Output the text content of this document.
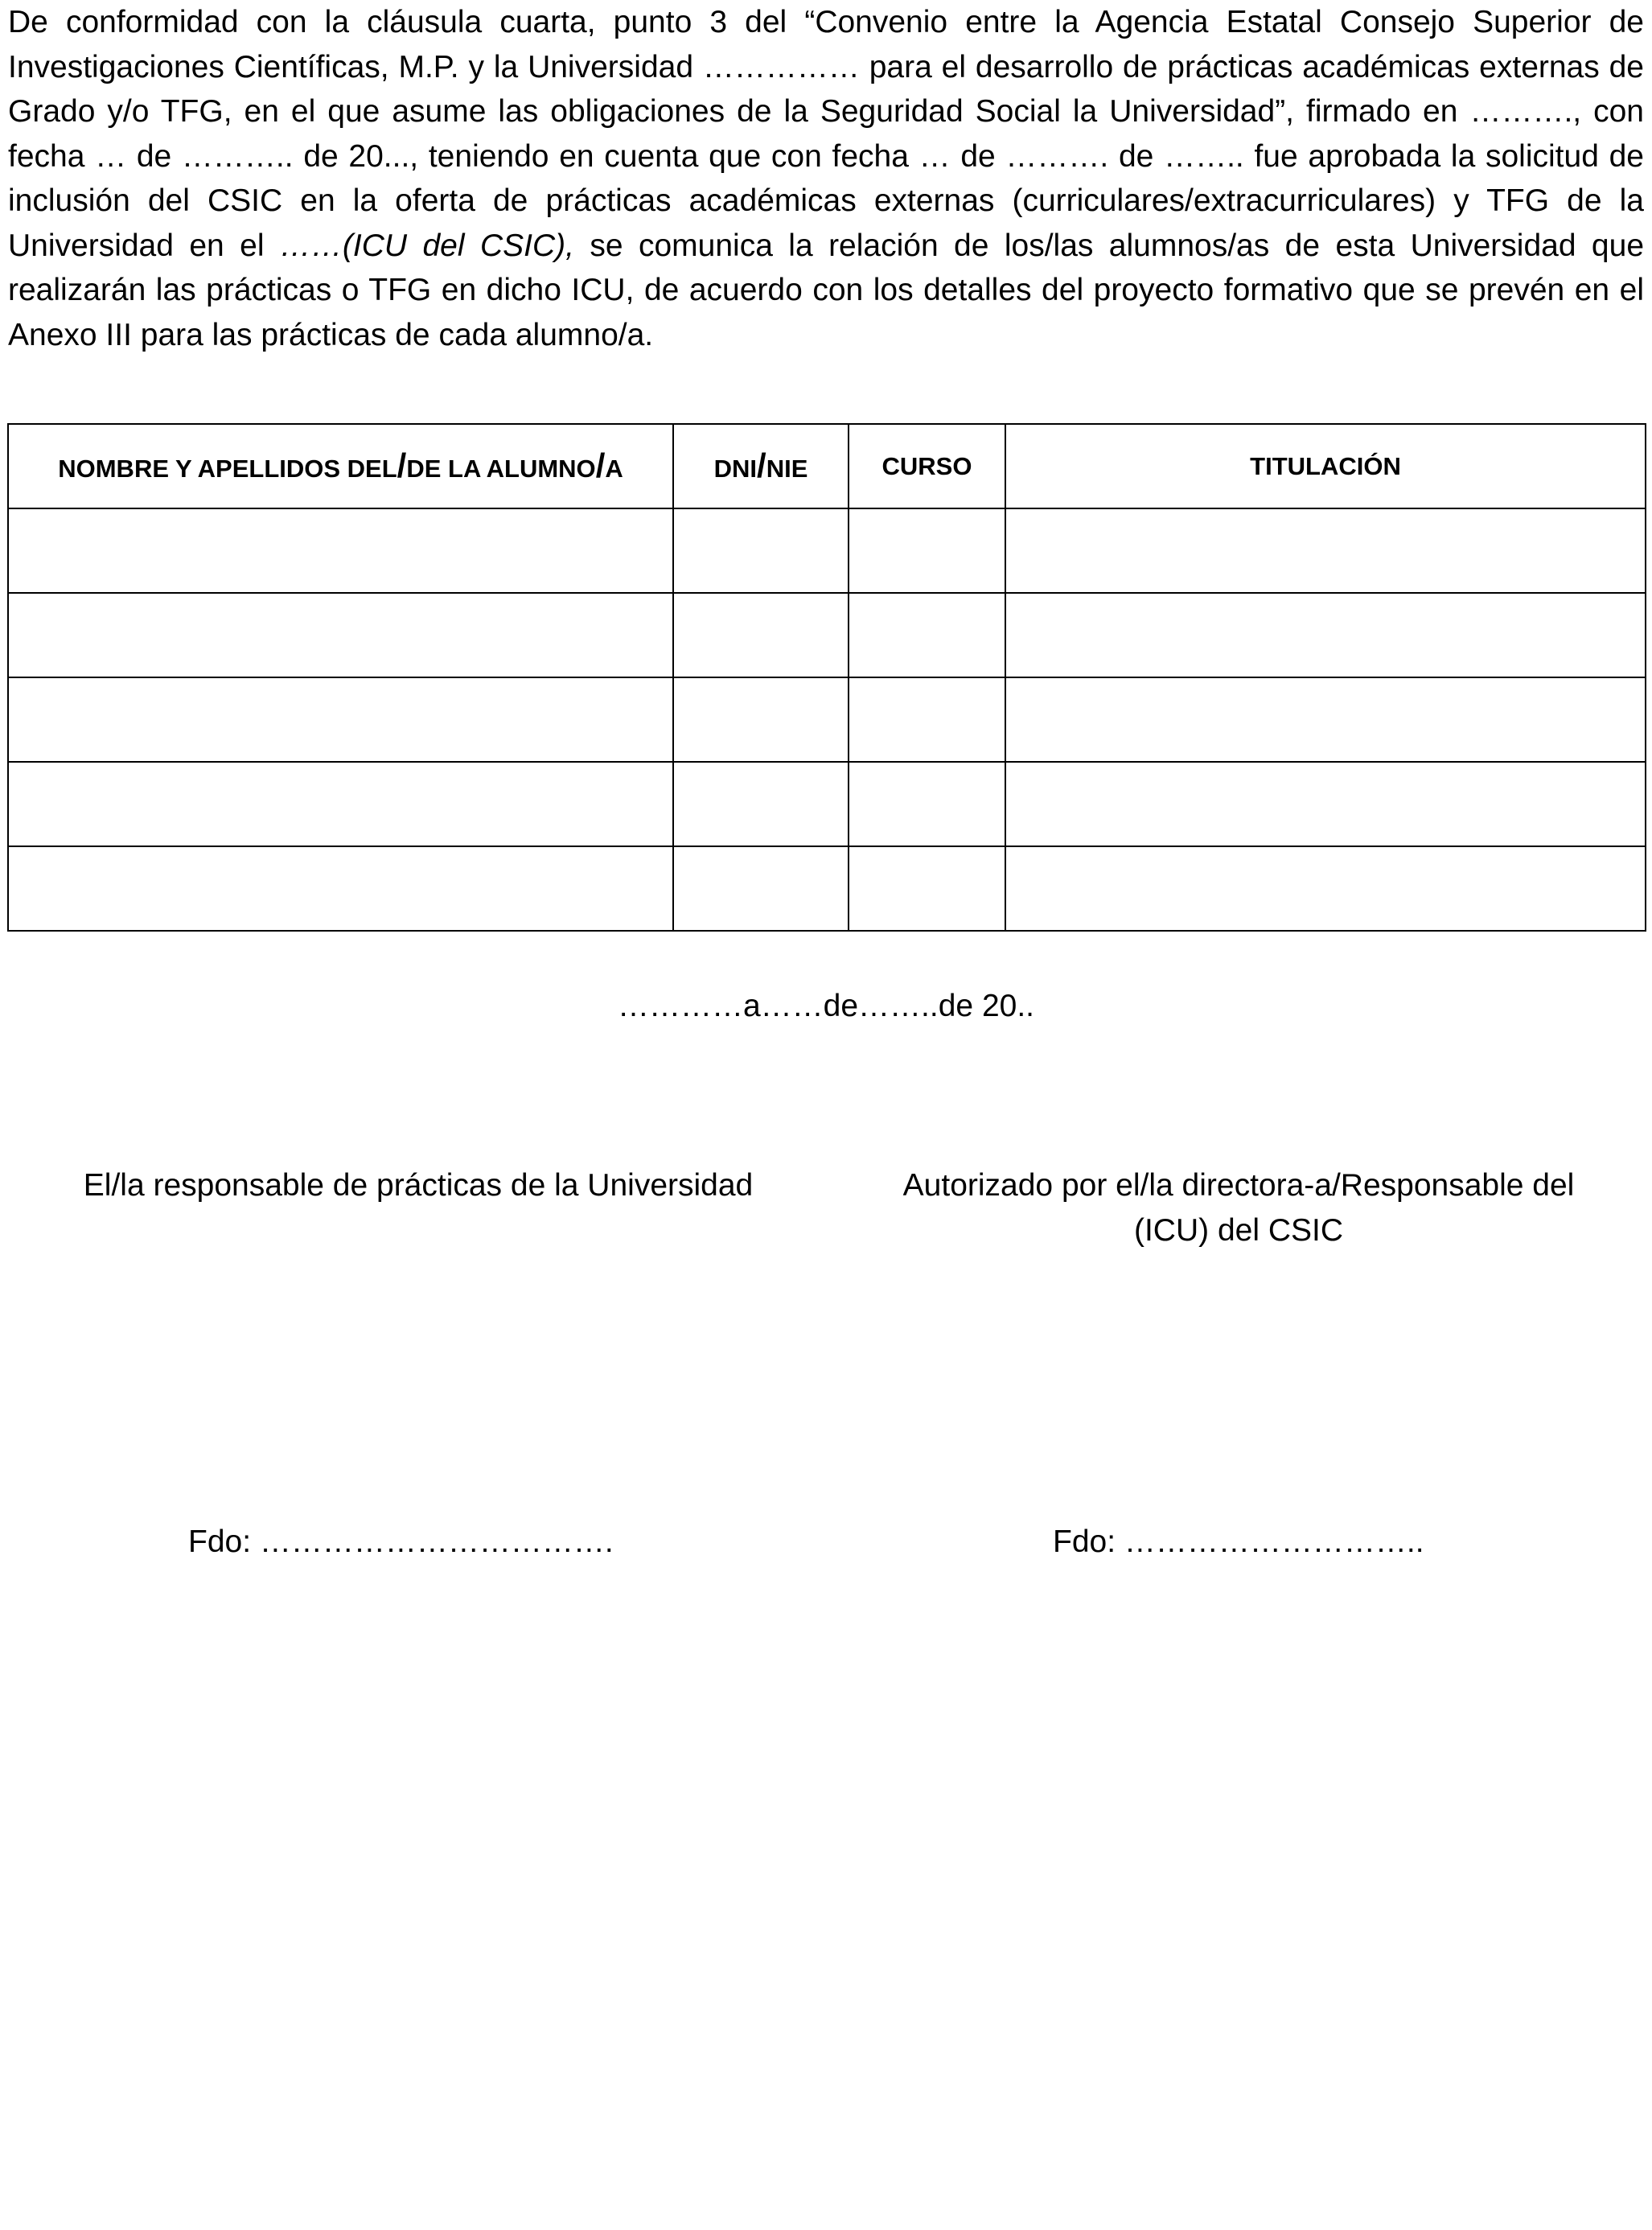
De conformidad con la cláusula cuarta, punto 3 del “Convenio entre la Agencia Estatal Consejo Superior de Investigaciones Científicas, M.P. y la Universidad …………… para el desarrollo de prácticas académicas externas de Grado y/o TFG, en el que asume las obligaciones de la Seguridad Social la Universidad”, firmado en ………., con fecha … de ……….. de 20..., teniendo en cuenta que con fecha … de ………. de …….. fue aprobada la solicitud de inclusión del CSIC en la oferta de prácticas académicas externas (curriculares/extracurriculares) y TFG de la Universidad en el ……(ICU del CSIC), se comunica la relación de los/las alumnos/as de esta Universidad que realizarán las prácticas o TFG en dicho ICU, de acuerdo con los detalles del proyecto formativo que se prevén en el Anexo III para las prácticas de cada alumno/a.

NOMBRE Y APELLIDOS DEL/DE LA ALUMNO/A	DNI/NIE	CURSO	TITULACIÓN

…………a……de……..de 20..
El/la responsable de prácticas de la Universidad	Autorizado por el/la directora-a/Responsable del
(ICU) del CSIC
Fdo: …………………………….	Fdo: ………………………..
